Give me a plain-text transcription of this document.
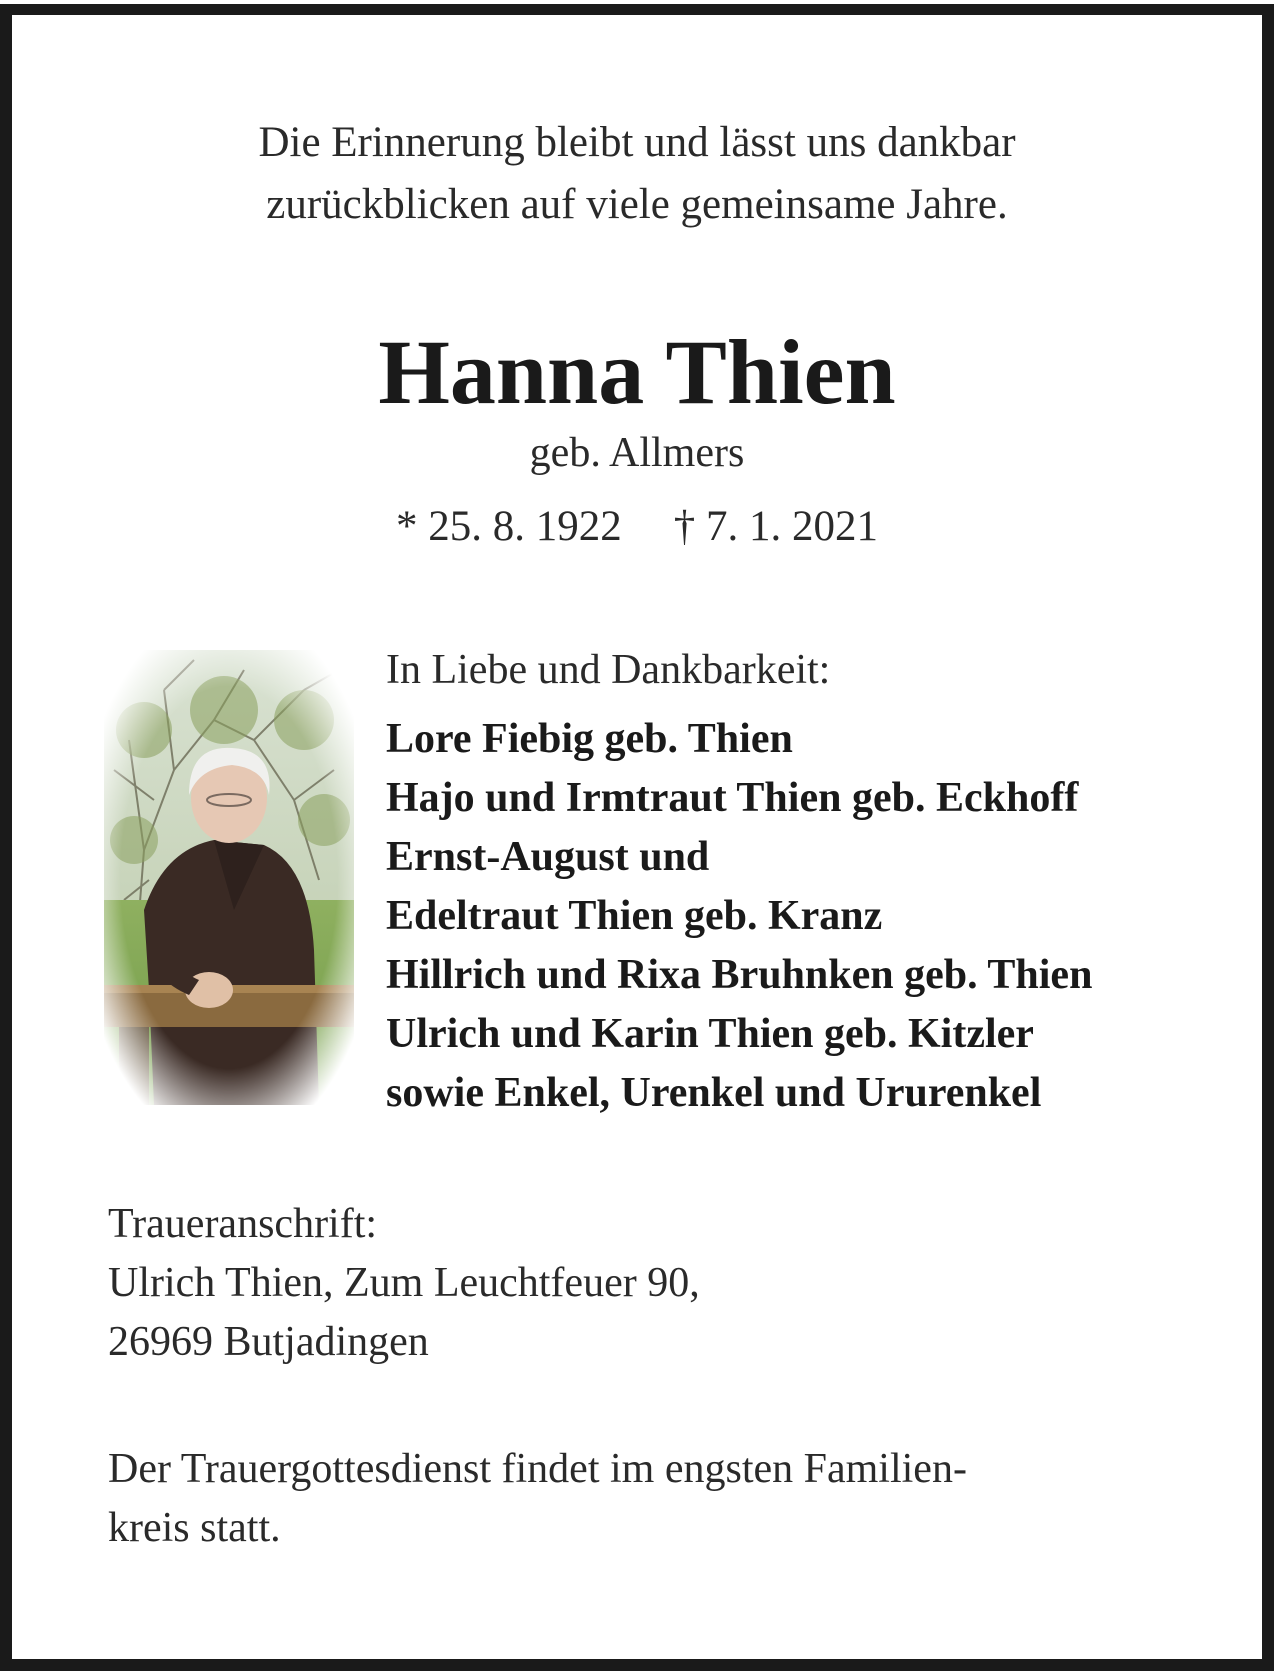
Die Erinnerung bleibt und lässt uns dankbar
zurückblicken auf viele gemeinsame Jahre.
Hanna Thien
geb. Allmers
* 25. 8. 1922 † 7. 1. 2021
In Liebe und Dankbarkeit:
Lore Fiebig geb. Thien
Hajo und Irmtraut Thien geb. Eckhoff
Ernst-August und
Edeltraut Thien geb. Kranz
Hillrich und Rixa Bruhnken geb. Thien
Ulrich und Karin Thien geb. Kitzler
sowie Enkel, Urenkel und Ururenkel
Traueranschrift:
Ulrich Thien, Zum Leuchtfeuer 90,
26969 Butjadingen
Der Trauergottesdienst findet im engsten Familien-
kreis statt.
